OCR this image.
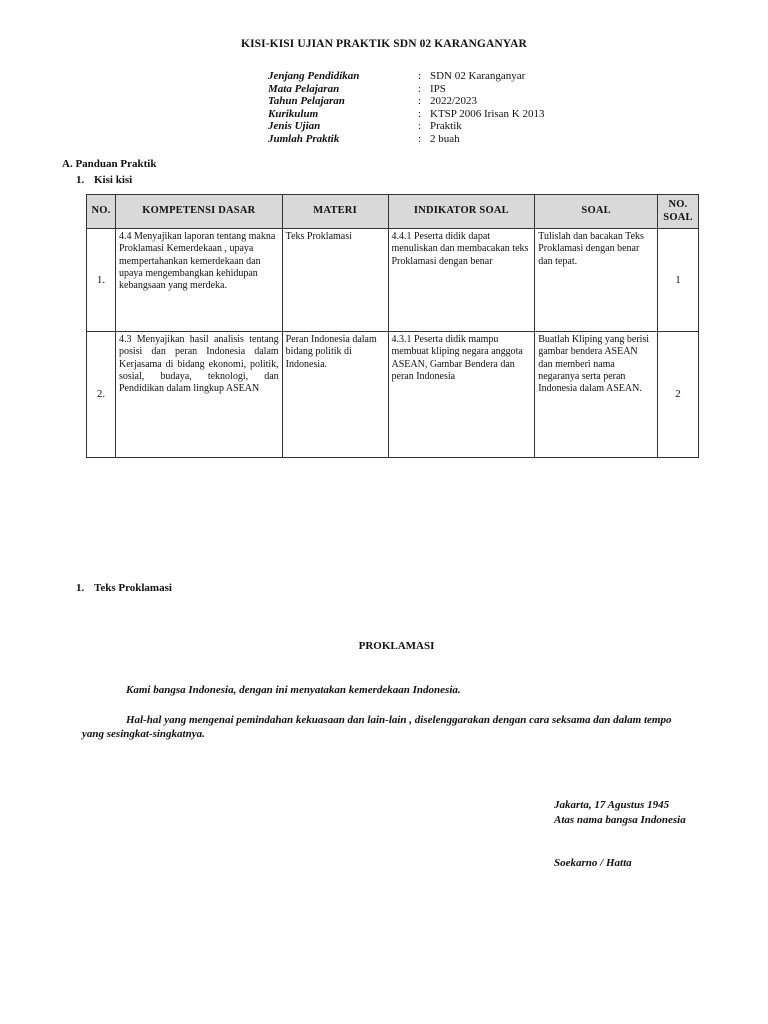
KISI-KISI UJIAN PRAKTIK SDN 02 KARANGANYAR
Jenjang Pendidikan	: SDN 02 Karanganyar
Mata Pelajaran	: IPS
Tahun Pelajaran	: 2022/2023
Kurikulum	: KTSP 2006 Irisan K 2013
Jenis Ujian	: Praktik
Jumlah Praktik	: 2 buah
A. Panduan Praktik
1. Kisi kisi
NO.	KOMPETENSI DASAR	MATERI	INDIKATOR SOAL	SOAL	NO. SOAL
1.	4.4 Menyajikan laporan tentang makna Proklamasi Kemerdekaan , upaya mempertahankan kemerdekaan dan upaya mengembangkan kehidupan kebangsaan yang merdeka.	Teks Proklamasi	4.4.1 Peserta didik dapat menuliskan dan membacakan teks Proklamasi dengan benar	Tulislah dan bacakan Teks Proklamasi dengan benar dan tepat.	1
2.	4.3 Menyajikan hasil analisis tentang posisi dan peran Indonesia dalam Kerjasama di bidang ekonomi, politik, sosial, budaya, teknologi, dan Pendidikan dalam lingkup ASEAN	Peran Indonesia dalam bidang politik di Indonesia.	4.3.1 Peserta didik mampu membuat kliping negara anggota ASEAN, Gambar Bendera dan peran Indonesia	Buatlah Kliping yang berisi gambar bendera ASEAN dan memberi nama negaranya serta peran Indonesia dalam ASEAN.	2
1. Teks Proklamasi
PROKLAMASI
Kami bangsa Indonesia, dengan ini menyatakan kemerdekaan Indonesia.
Hal-hal yang mengenai pemindahan kekuasaan dan lain-lain , diselenggarakan dengan cara seksama dan dalam tempo yang sesingkat-singkatnya.
Jakarta, 17 Agustus 1945
Atas nama bangsa Indonesia
Soekarno / Hatta
